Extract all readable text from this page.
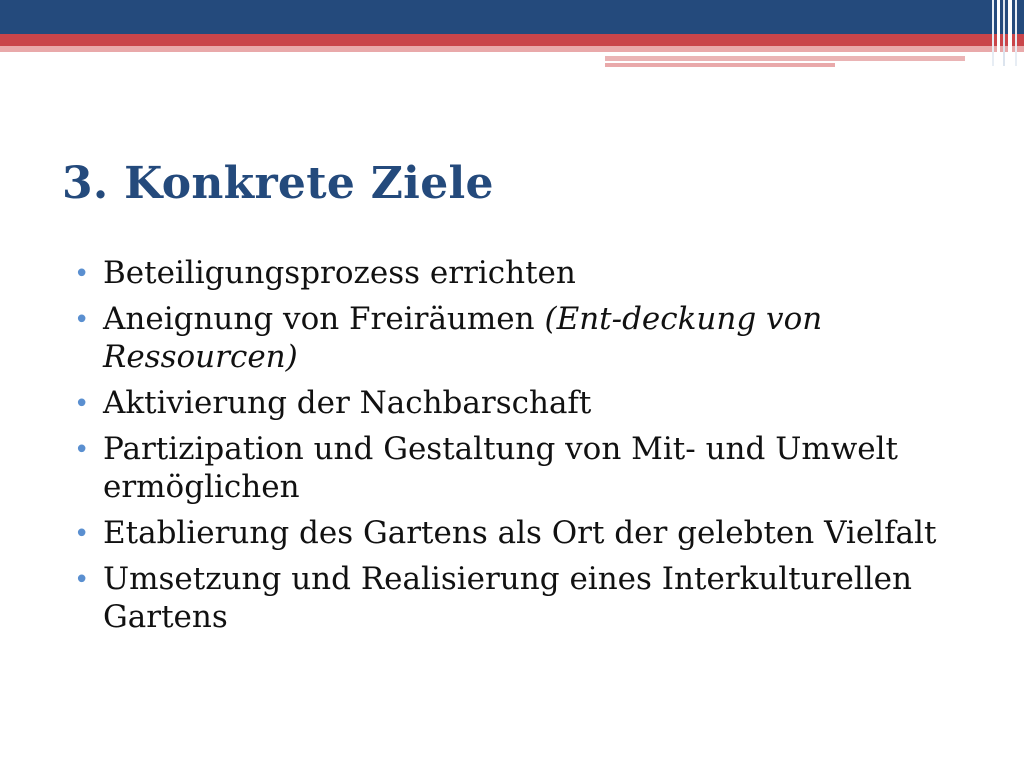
3. Konkrete Ziele
• Beteiligungsprozess errichten
• Aneignung von Freiräumen (Ent-deckung von Ressourcen)
• Aktivierung der Nachbarschaft
• Partizipation und Gestaltung von Mit- und Umwelt ermöglichen
• Etablierung des Gartens als Ort der gelebten Vielfalt
• Umsetzung und Realisierung eines Interkulturellen Gartens
